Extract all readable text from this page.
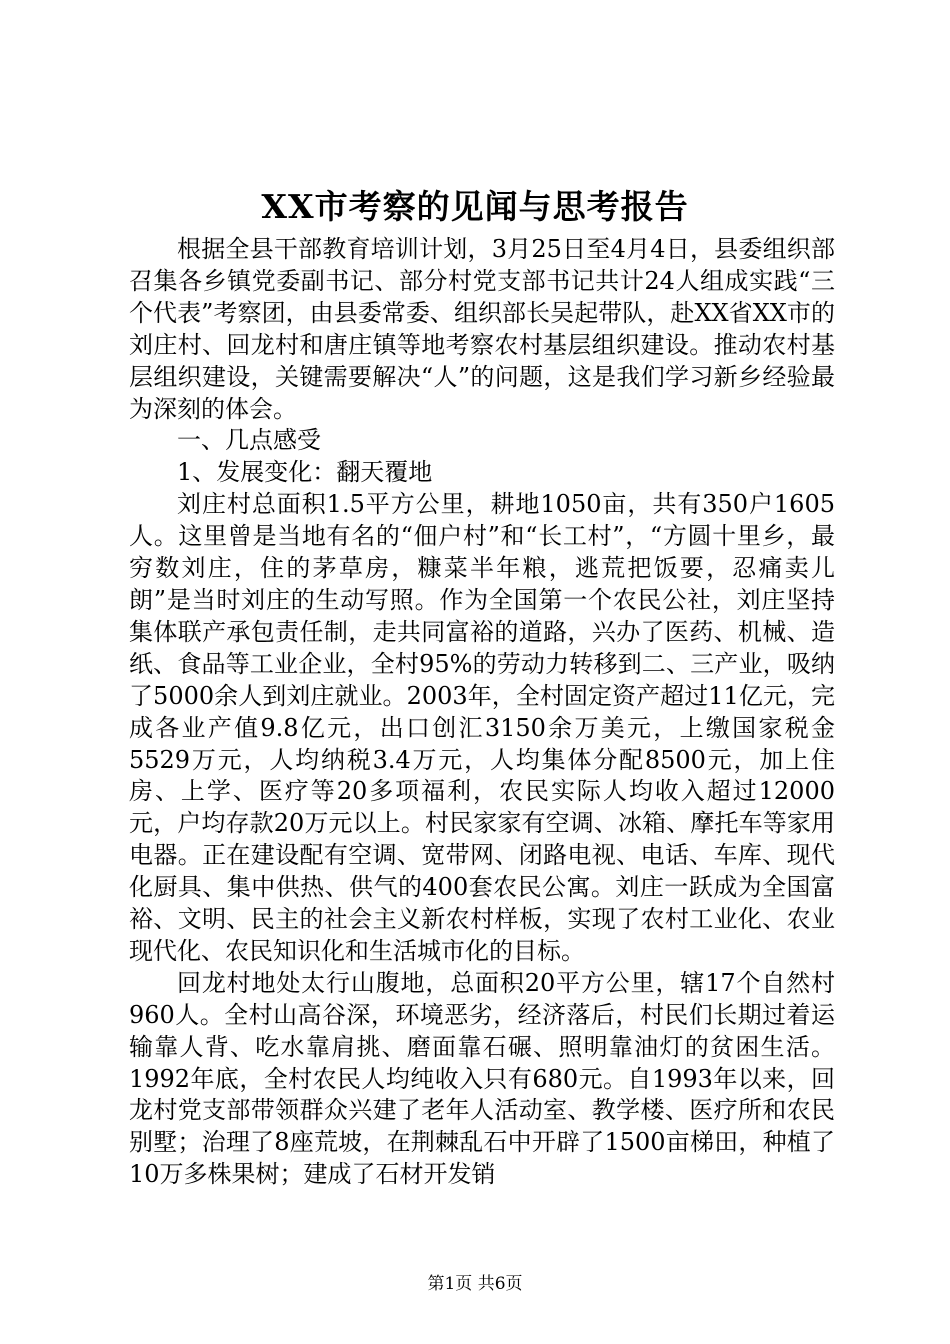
XX市考察的见闻与思考报告

根据全县干部教育培训计划，3月25日至4月4日，县委组织部召集各乡镇党委副书记、部分村党支部书记共计24人组成实践“三个代表”考察团，由县委常委、组织部长吴起带队，赴XX省XX市的刘庄村、回龙村和唐庄镇等地考察农村基层组织建设。推动农村基层组织建设，关键需要解决“人”的问题，这是我们学习新乡经验最为深刻的体会。

一、几点感受

1、发展变化：翻天覆地

刘庄村总面积1.5平方公里，耕地1050亩，共有350户1605人。这里曾是当地有名的“佃户村”和“长工村”，“方圆十里乡，最穷数刘庄，住的茅草房，糠菜半年粮，逃荒把饭要，忍痛卖儿朗”是当时刘庄的生动写照。作为全国第一个农民公社，刘庄坚持集体联产承包责任制，走共同富裕的道路，兴办了医药、机械、造纸、食品等工业企业，全村95%的劳动力转移到二、三产业，吸纳了5000余人到刘庄就业。2003年，全村固定资产超过11亿元，完成各业产值9.8亿元，出口创汇3150余万美元，上缴国家税金5529万元，人均纳税3.4万元，人均集体分配8500元，加上住房、上学、医疗等20多项福利，农民实际人均收入超过12000元，户均存款20万元以上。村民家家有空调、冰箱、摩托车等家用电器。正在建设配有空调、宽带网、闭路电视、电话、车库、现代化厨具、集中供热、供气的400套农民公寓。刘庄一跃成为全国富裕、文明、民主的社会主义新农村样板，实现了农村工业化、农业现代化、农民知识化和生活城市化的目标。

回龙村地处太行山腹地，总面积20平方公里，辖17个自然村960人。全村山高谷深，环境恶劣，经济落后，村民们长期过着运输靠人背、吃水靠肩挑、磨面靠石碾、照明靠油灯的贫困生活。1992年底，全村农民人均纯收入只有680元。自1993年以来，回龙村党支部带领群众兴建了老年人活动室、教学楼、医疗所和农民别墅；治理了8座荒坡，在荆棘乱石中开辟了1500亩梯田，种植了10万多株果树；建成了石材开发销

第1页 共6页
